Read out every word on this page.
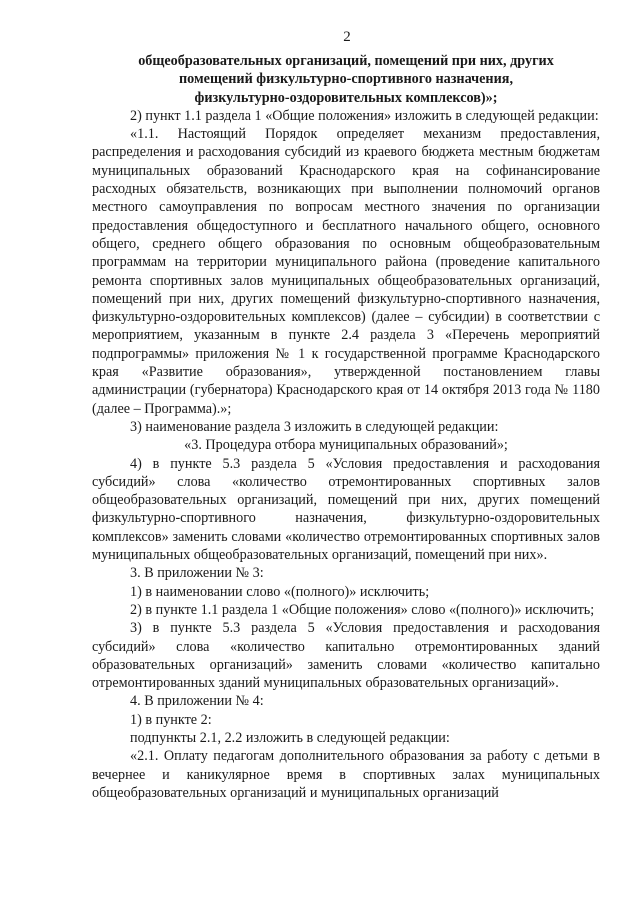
2

общеобразовательных организаций, помещений при них, других

помещений физкультурно-спортивного назначения,

физкультурно-оздоровительных комплексов)»;

2) пункт 1.1 раздела 1 «Общие положения» изложить в следующей редакции:

«1.1. Настоящий Порядок определяет механизм предоставления, распределения и расходования субсидий из краевого бюджета местным бюджетам муниципальных образований Краснодарского края на софинансирование расходных обязательств, возникающих при выполнении полномочий органов местного самоуправления по вопросам местного значения по организации предоставления общедоступного и бесплатного начального общего, основного общего, среднего общего образования по основным общеобразовательным программам на территории муниципального района (проведение капитального ремонта спортивных залов муниципальных общеобразовательных организаций, помещений при них, других помещений физкультурно-спортивного назначения, физкультурно-оздоровительных комплексов) (далее – субсидии) в соответствии с мероприятием, указанным в пункте 2.4 раздела 3 «Перечень мероприятий подпрограммы» приложения № 1 к государственной программе Краснодарского края «Развитие образования», утвержденной постановлением главы администрации (губернатора) Краснодарского края от 14 октября 2013 года № 1180 (далее – Программа).»;

3) наименование раздела 3 изложить в следующей редакции:

«3. Процедура отбора муниципальных образований»;

4) в пункте 5.3 раздела 5 «Условия предоставления и расходования субсидий» слова «количество отремонтированных спортивных залов общеобразовательных организаций, помещений при них, других помещений физкультурно-спортивного назначения, физкультурно-оздоровительных комплексов» заменить словами «количество отремонтированных спортивных залов муниципальных общеобразовательных организаций, помещений при них».

3. В приложении № 3:

1) в наименовании слово «(полного)» исключить;

2) в пункте 1.1 раздела 1 «Общие положения» слово «(полного)» исключить;

3) в пункте 5.3 раздела 5 «Условия предоставления и расходования субсидий» слова «количество капитально отремонтированных зданий образовательных организаций» заменить словами «количество капитально отремонтированных зданий муниципальных образовательных организаций».

4. В приложении № 4:

1) в пункте 2:

подпункты 2.1, 2.2 изложить в следующей редакции:

«2.1. Оплату педагогам дополнительного образования за работу с детьми в вечернее и каникулярное время в спортивных залах муниципальных общеобразовательных организаций и муниципальных организаций
